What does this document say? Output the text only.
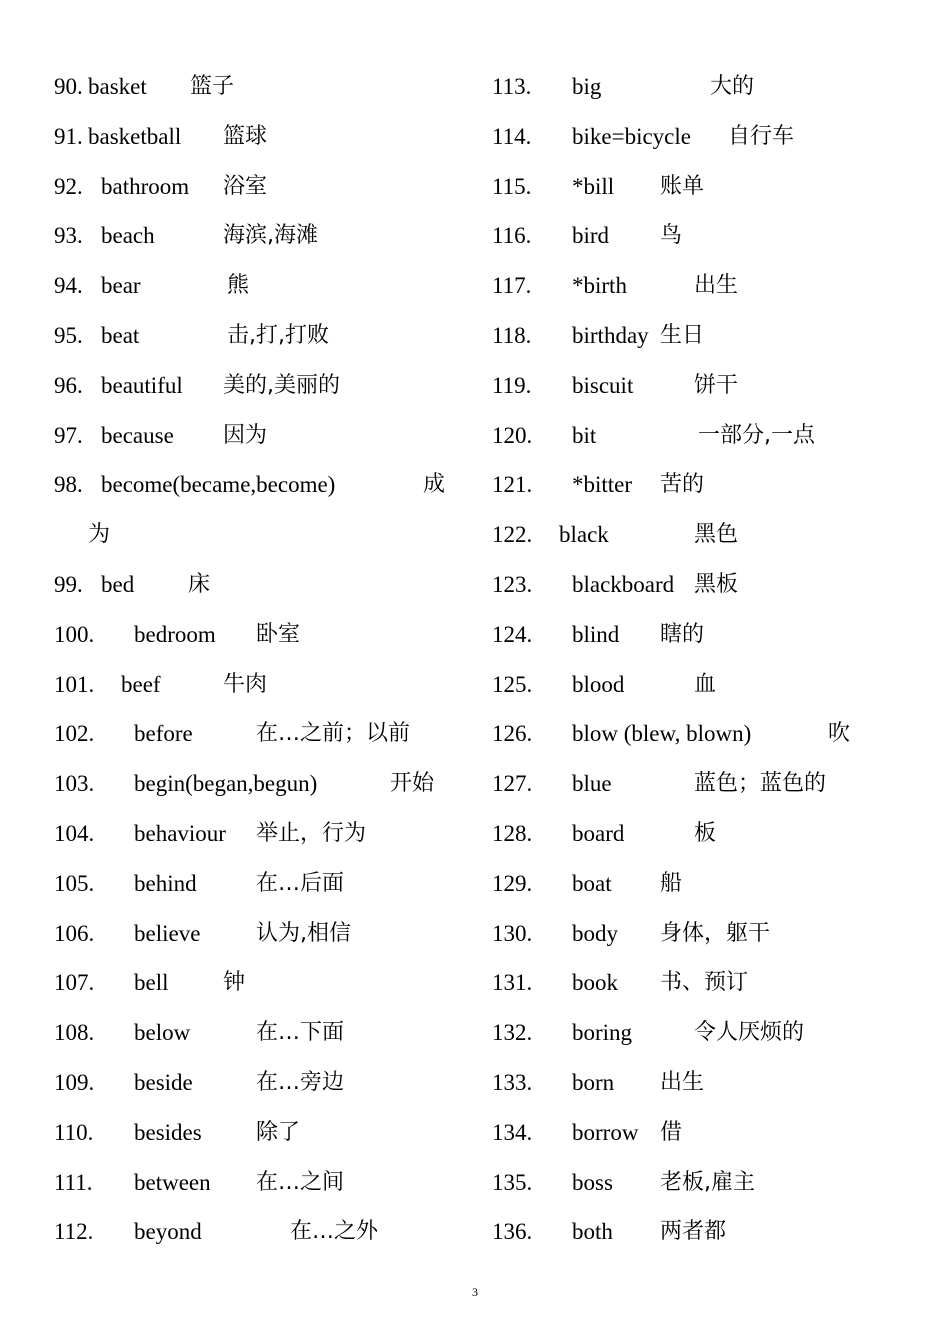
90. basket 篮子
91. basketball 篮球
92. bathroom 浴室
93. beach	海滨,海滩
94. bear	熊
95. beat	击,打,打败
96. beautiful 美的,美丽的
97. because 因为
98. become(became,become)	成
为
99. bed 床
100. bedroom 卧室
101. beef	牛肉
102. before	在…之前；以前
103. begin(began,begun)	开始
104. behaviour 举止，行为
105. behind	在…后面
106. believe	认为,相信
107. bell 钟
108. below	在…下面
109. beside	在…旁边
110. besides 除了
111. between 在…之间
112. beyond	在…之外
113. big	大的
114. bike=bicycle 自行车
115. *bill 账单
116. bird 鸟
117. *birth	出生
118. birthday 生日
119. biscuit	饼干
120. bit	一部分,一点
121. *bitter 苦的
122. black	黑色
123. blackboard 黑板
124. blind 瞎的
125. blood	血
126. blow (blew, blown)	吹
127. blue	蓝色；蓝色的
128. board	板
129. boat 船
130. body 身体，躯干
131. book 书、预订
132. boring	令人厌烦的
133. born 出生
134. borrow 借
135. boss 老板,雇主
136. both 两者都
3
